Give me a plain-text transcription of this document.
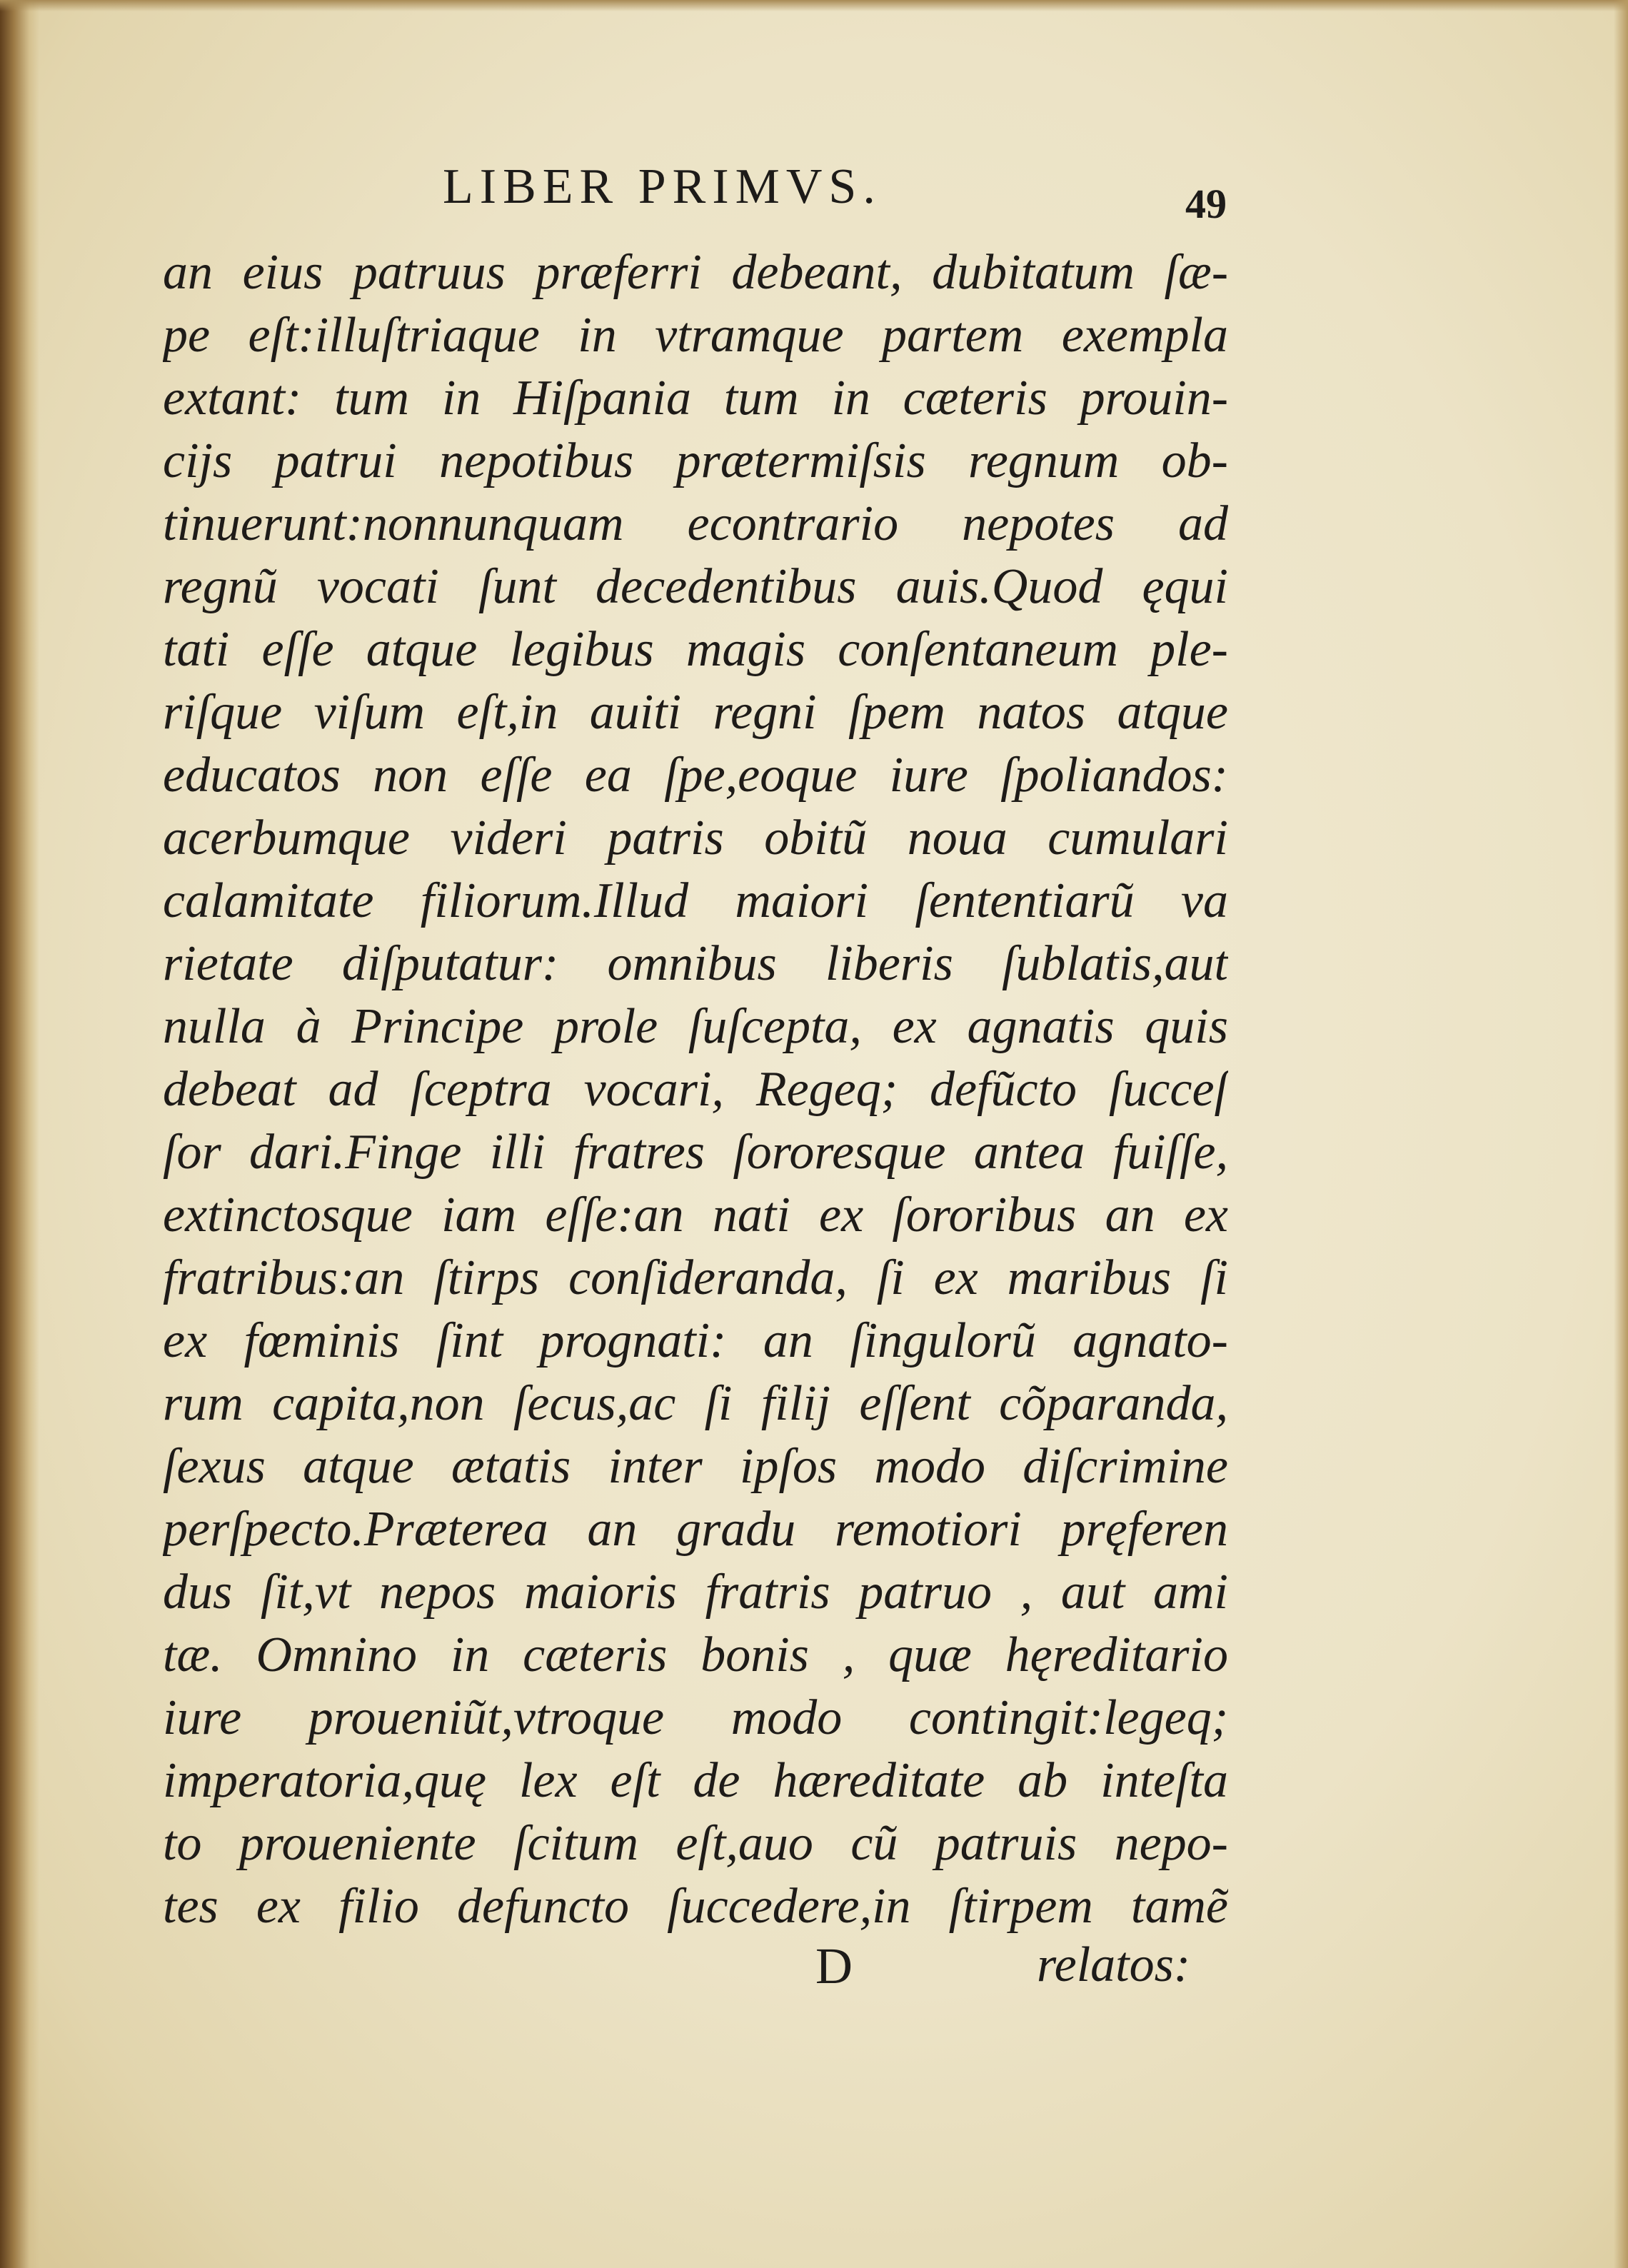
LIBER PRIMVS.	49
an eius patruus præferri debeant, dubitatum ſæ-
pe eſt:illuſtriaque in vtramque partem exempla
extant: tum in Hiſpania tum in cæteris prouin-
cijs patrui nepotibus prætermiſsis regnum ob-
tinuerunt:nonnunquam econtrario nepotes ad
regnũ vocati ſunt decedentibus auis.Quod ęqui
tati eſſe atque legibus magis conſentaneum ple-
riſque viſum eſt,in auiti regni ſpem natos atque
educatos non eſſe ea ſpe,eoque iure ſpoliandos:
acerbumque videri patris obitũ noua cumulari
calamitate filiorum.Illud maiori ſententiarũ va
rietate diſputatur: omnibus liberis ſublatis,aut
nulla à Principe prole ſuſcepta, ex agnatis quis
debeat ad ſceptra vocari, Regeq; defũcto ſucceſ
ſor dari.Finge illi fratres ſororesque antea fuiſſe,
extinctosque iam eſſe:an nati ex ſororibus an ex
fratribus:an ſtirps conſideranda, ſi ex maribus ſi
ex fœminis ſint prognati: an ſingulorũ agnato-
rum capita,non ſecus,ac ſi filij eſſent cõparanda,
ſexus atque ætatis inter ipſos modo diſcrimine
perſpecto.Præterea an gradu remotiori pręferen
dus ſit,vt nepos maioris fratris patruo , aut ami
tæ. Omnino in cæteris bonis , quæ hęreditario
iure proueniũt,vtroque modo contingit:legeq;
imperatoria,quę lex eſt de hæreditate ab inteſta
to proueniente ſcitum eſt,auo cũ patruis nepo-
tes ex filio defuncto ſuccedere,in ſtirpem tamẽ
D	relatos:
